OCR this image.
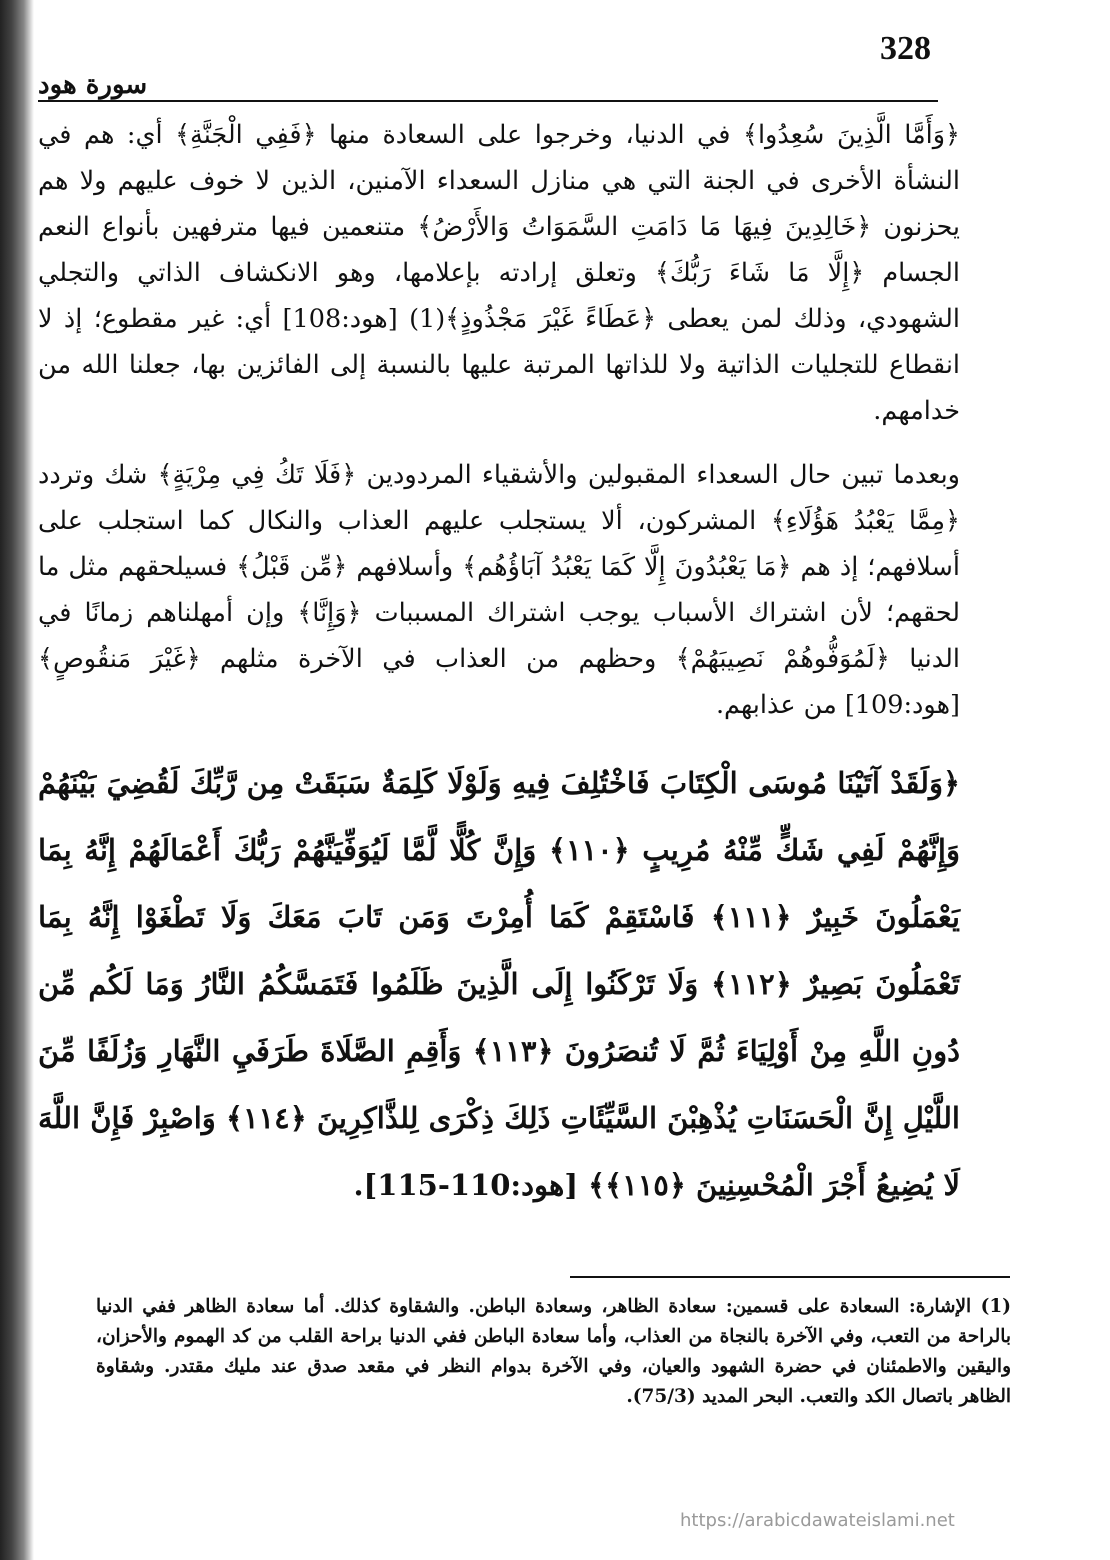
328
سورة هود

﴿وَأَمَّا الَّذِينَ سُعِدُوا﴾ في الدنيا، وخرجوا على السعادة منها ﴿فَفِي الْجَنَّةِ﴾ أي: هم في النشأة الأخرى في الجنة التي هي منازل السعداء الآمنين، الذين لا خوف عليهم ولا هم يحزنون ﴿خَالِدِينَ فِيهَا مَا دَامَتِ السَّمَوَاتُ وَالأَرْضُ﴾ متنعمين فيها مترفهين بأنواع النعم الجسام ﴿إِلَّا مَا شَاءَ رَبُّكَ﴾ وتعلق إرادته بإعلامها، وهو الانكشاف الذاتي والتجلي الشهودي، وذلك لمن يعطى ﴿عَطَاءً غَيْرَ مَجْذُوذٍ﴾(1) [هود:108] أي: غير مقطوع؛ إذ لا انقطاع للتجليات الذاتية ولا للذاتها المرتبة عليها بالنسبة إلى الفائزين بها، جعلنا الله من خدامهم.

وبعدما تبين حال السعداء المقبولين والأشقياء المردودين ﴿فَلَا تَكُ فِي مِرْيَةٍ﴾ شك وتردد ﴿مِمَّا يَعْبُدُ هَؤُلَاءِ﴾ المشركون، ألا يستجلب عليهم العذاب والنكال كما استجلب على أسلافهم؛ إذ هم ﴿مَا يَعْبُدُونَ إِلَّا كَمَا يَعْبُدُ آبَاؤُهُم﴾ وأسلافهم ﴿مِّن قَبْلُ﴾ فسيلحقهم مثل ما لحقهم؛ لأن اشتراك الأسباب يوجب اشتراك المسببات ﴿وَإِنَّا﴾ وإن أمهلناهم زمانًا في الدنيا ﴿لَمُوَفُّوهُمْ نَصِيبَهُمْ﴾ وحظهم من العذاب في الآخرة مثلهم ﴿غَيْرَ مَنقُوصٍ﴾ [هود:109] من عذابهم.

﴿وَلَقَدْ آتَيْنَا مُوسَى الْكِتَابَ فَاخْتُلِفَ فِيهِ وَلَوْلَا كَلِمَةٌ سَبَقَتْ مِن رَّبِّكَ لَقُضِيَ بَيْنَهُمْ وَإِنَّهُمْ لَفِي شَكٍّ مِّنْهُ مُرِيبٍ ﴿١١٠﴾ وَإِنَّ كُلًّا لَّمَّا لَيُوَفِّيَنَّهُمْ رَبُّكَ أَعْمَالَهُمْ إِنَّهُ بِمَا يَعْمَلُونَ خَبِيرٌ ﴿١١١﴾ فَاسْتَقِمْ كَمَا أُمِرْتَ وَمَن تَابَ مَعَكَ وَلَا تَطْغَوْا إِنَّهُ بِمَا تَعْمَلُونَ بَصِيرٌ ﴿١١٢﴾ وَلَا تَرْكَنُوا إِلَى الَّذِينَ ظَلَمُوا فَتَمَسَّكُمُ النَّارُ وَمَا لَكُم مِّن دُونِ اللَّهِ مِنْ أَوْلِيَاءَ ثُمَّ لَا تُنصَرُونَ ﴿١١٣﴾ وَأَقِمِ الصَّلَاةَ طَرَفَيِ النَّهَارِ وَزُلَفًا مِّنَ اللَّيْلِ إِنَّ الْحَسَنَاتِ يُذْهِبْنَ السَّيِّئَاتِ ذَلِكَ ذِكْرَى لِلذَّاكِرِينَ ﴿١١٤﴾ وَاصْبِرْ فَإِنَّ اللَّهَ لَا يُضِيعُ أَجْرَ الْمُحْسِنِينَ ﴿١١٥﴾﴾ [هود:110-115].

(1) الإشارة: السعادة على قسمين: سعادة الظاهر، وسعادة الباطن. والشقاوة كذلك. أما سعادة الظاهر ففي الدنيا بالراحة من التعب، وفي الآخرة بالنجاة من العذاب، وأما سعادة الباطن ففي الدنيا براحة القلب من كد الهموم والأحزان، واليقين والاطمئنان في حضرة الشهود والعيان، وفي الآخرة بدوام النظر في مقعد صدق عند مليك مقتدر. وشقاوة الظاهر باتصال الكد والتعب. البحر المديد (75/3).
https://arabicdawateislami.net
